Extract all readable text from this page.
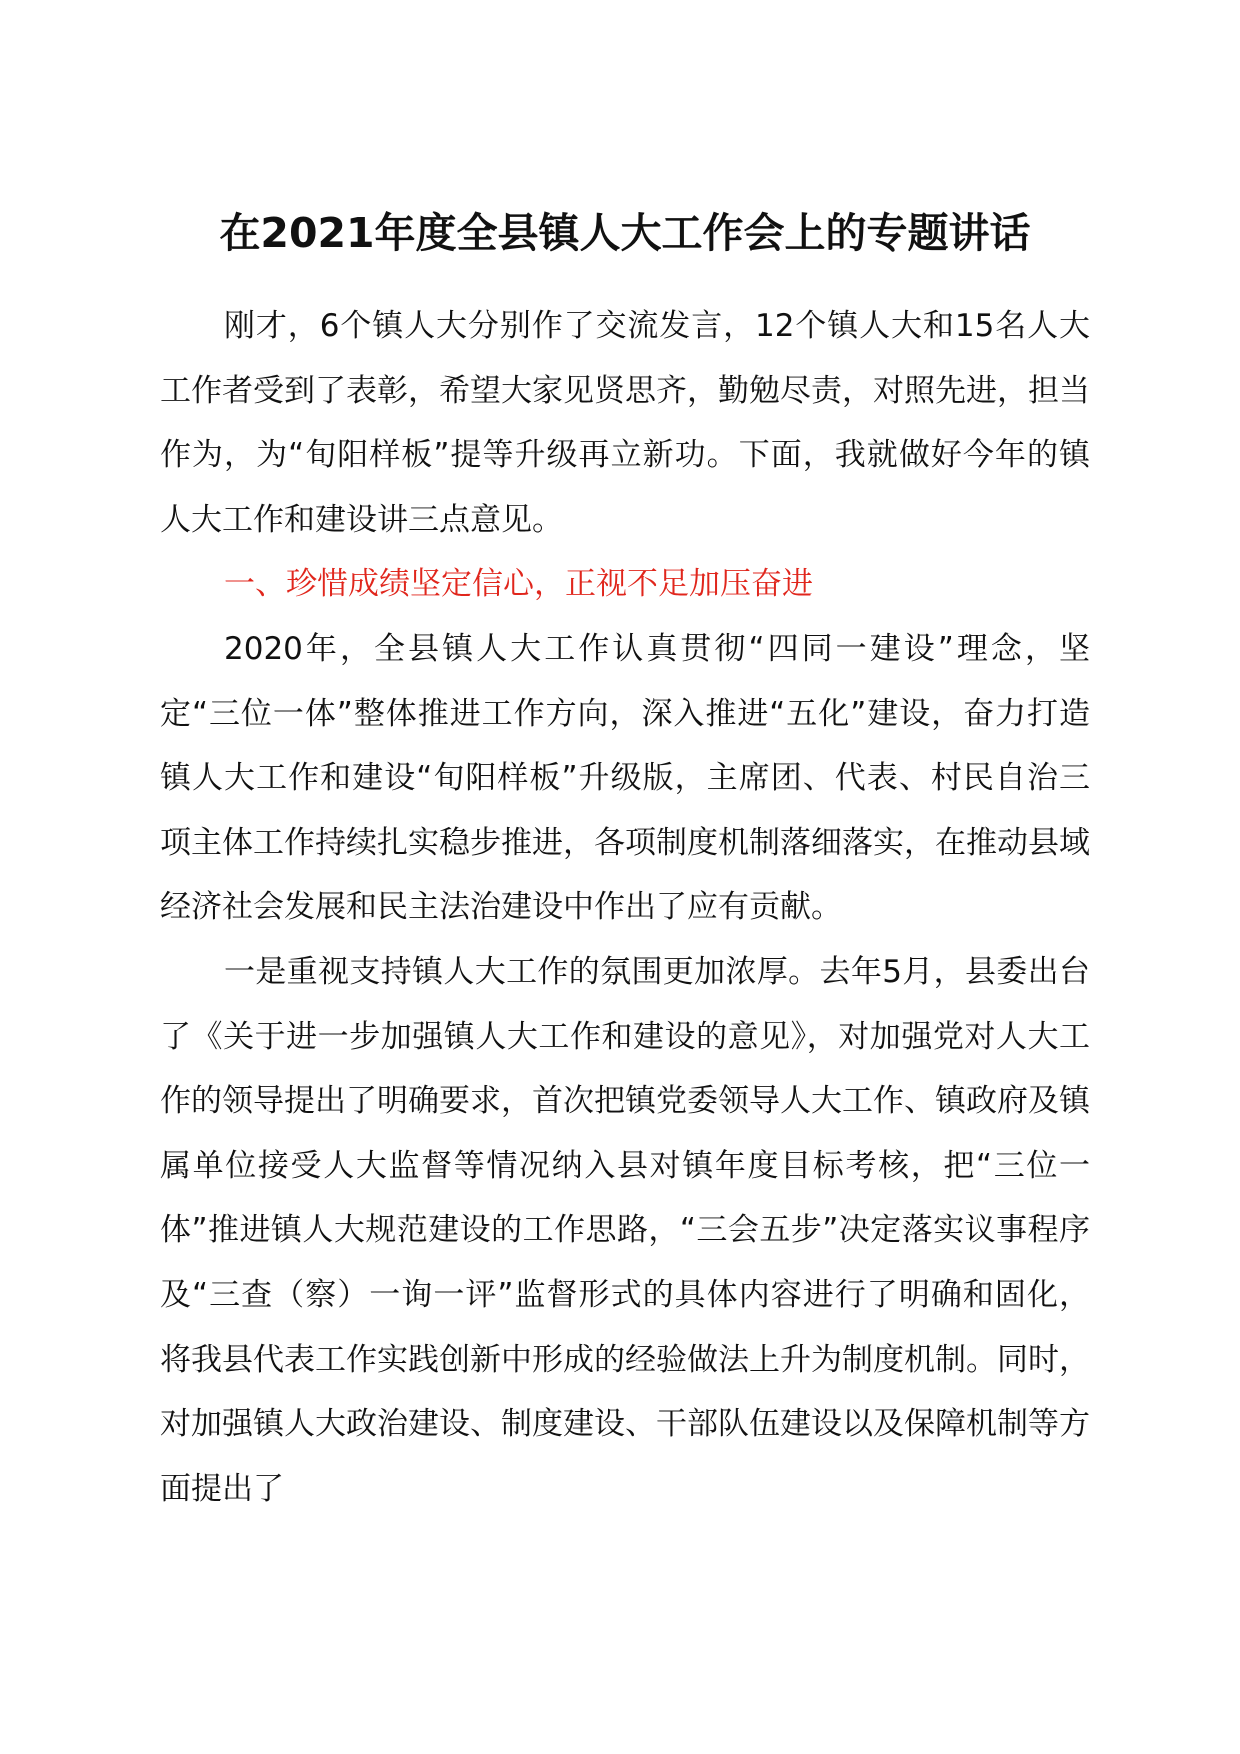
在2021年度全县镇人大工作会上的专题讲话

刚才，6个镇人大分别作了交流发言，12个镇人大和15名人大工作者受到了表彰，希望大家见贤思齐，勤勉尽责，对照先进，担当作为，为“旬阳样板”提等升级再立新功。下面，我就做好今年的镇人大工作和建设讲三点意见。

一、珍惜成绩坚定信心，正视不足加压奋进

2020年，全县镇人大工作认真贯彻“四同一建设”理念，坚定“三位一体”整体推进工作方向，深入推进“五化”建设，奋力打造镇人大工作和建设“旬阳样板”升级版，主席团、代表、村民自治三项主体工作持续扎实稳步推进，各项制度机制落细落实，在推动县域经济社会发展和民主法治建设中作出了应有贡献。

一是重视支持镇人大工作的氛围更加浓厚。去年5月，县委出台了《关于进一步加强镇人大工作和建设的意见》，对加强党对人大工作的领导提出了明确要求，首次把镇党委领导人大工作、镇政府及镇属单位接受人大监督等情况纳入县对镇年度目标考核，把“三位一体”推进镇人大规范建设的工作思路，“三会五步”决定落实议事程序及“三查（察）一询一评”监督形式的具体内容进行了明确和固化，将我县代表工作实践创新中形成的经验做法上升为制度机制。同时，对加强镇人大政治建设、制度建设、干部队伍建设以及保障机制等方面提出了
